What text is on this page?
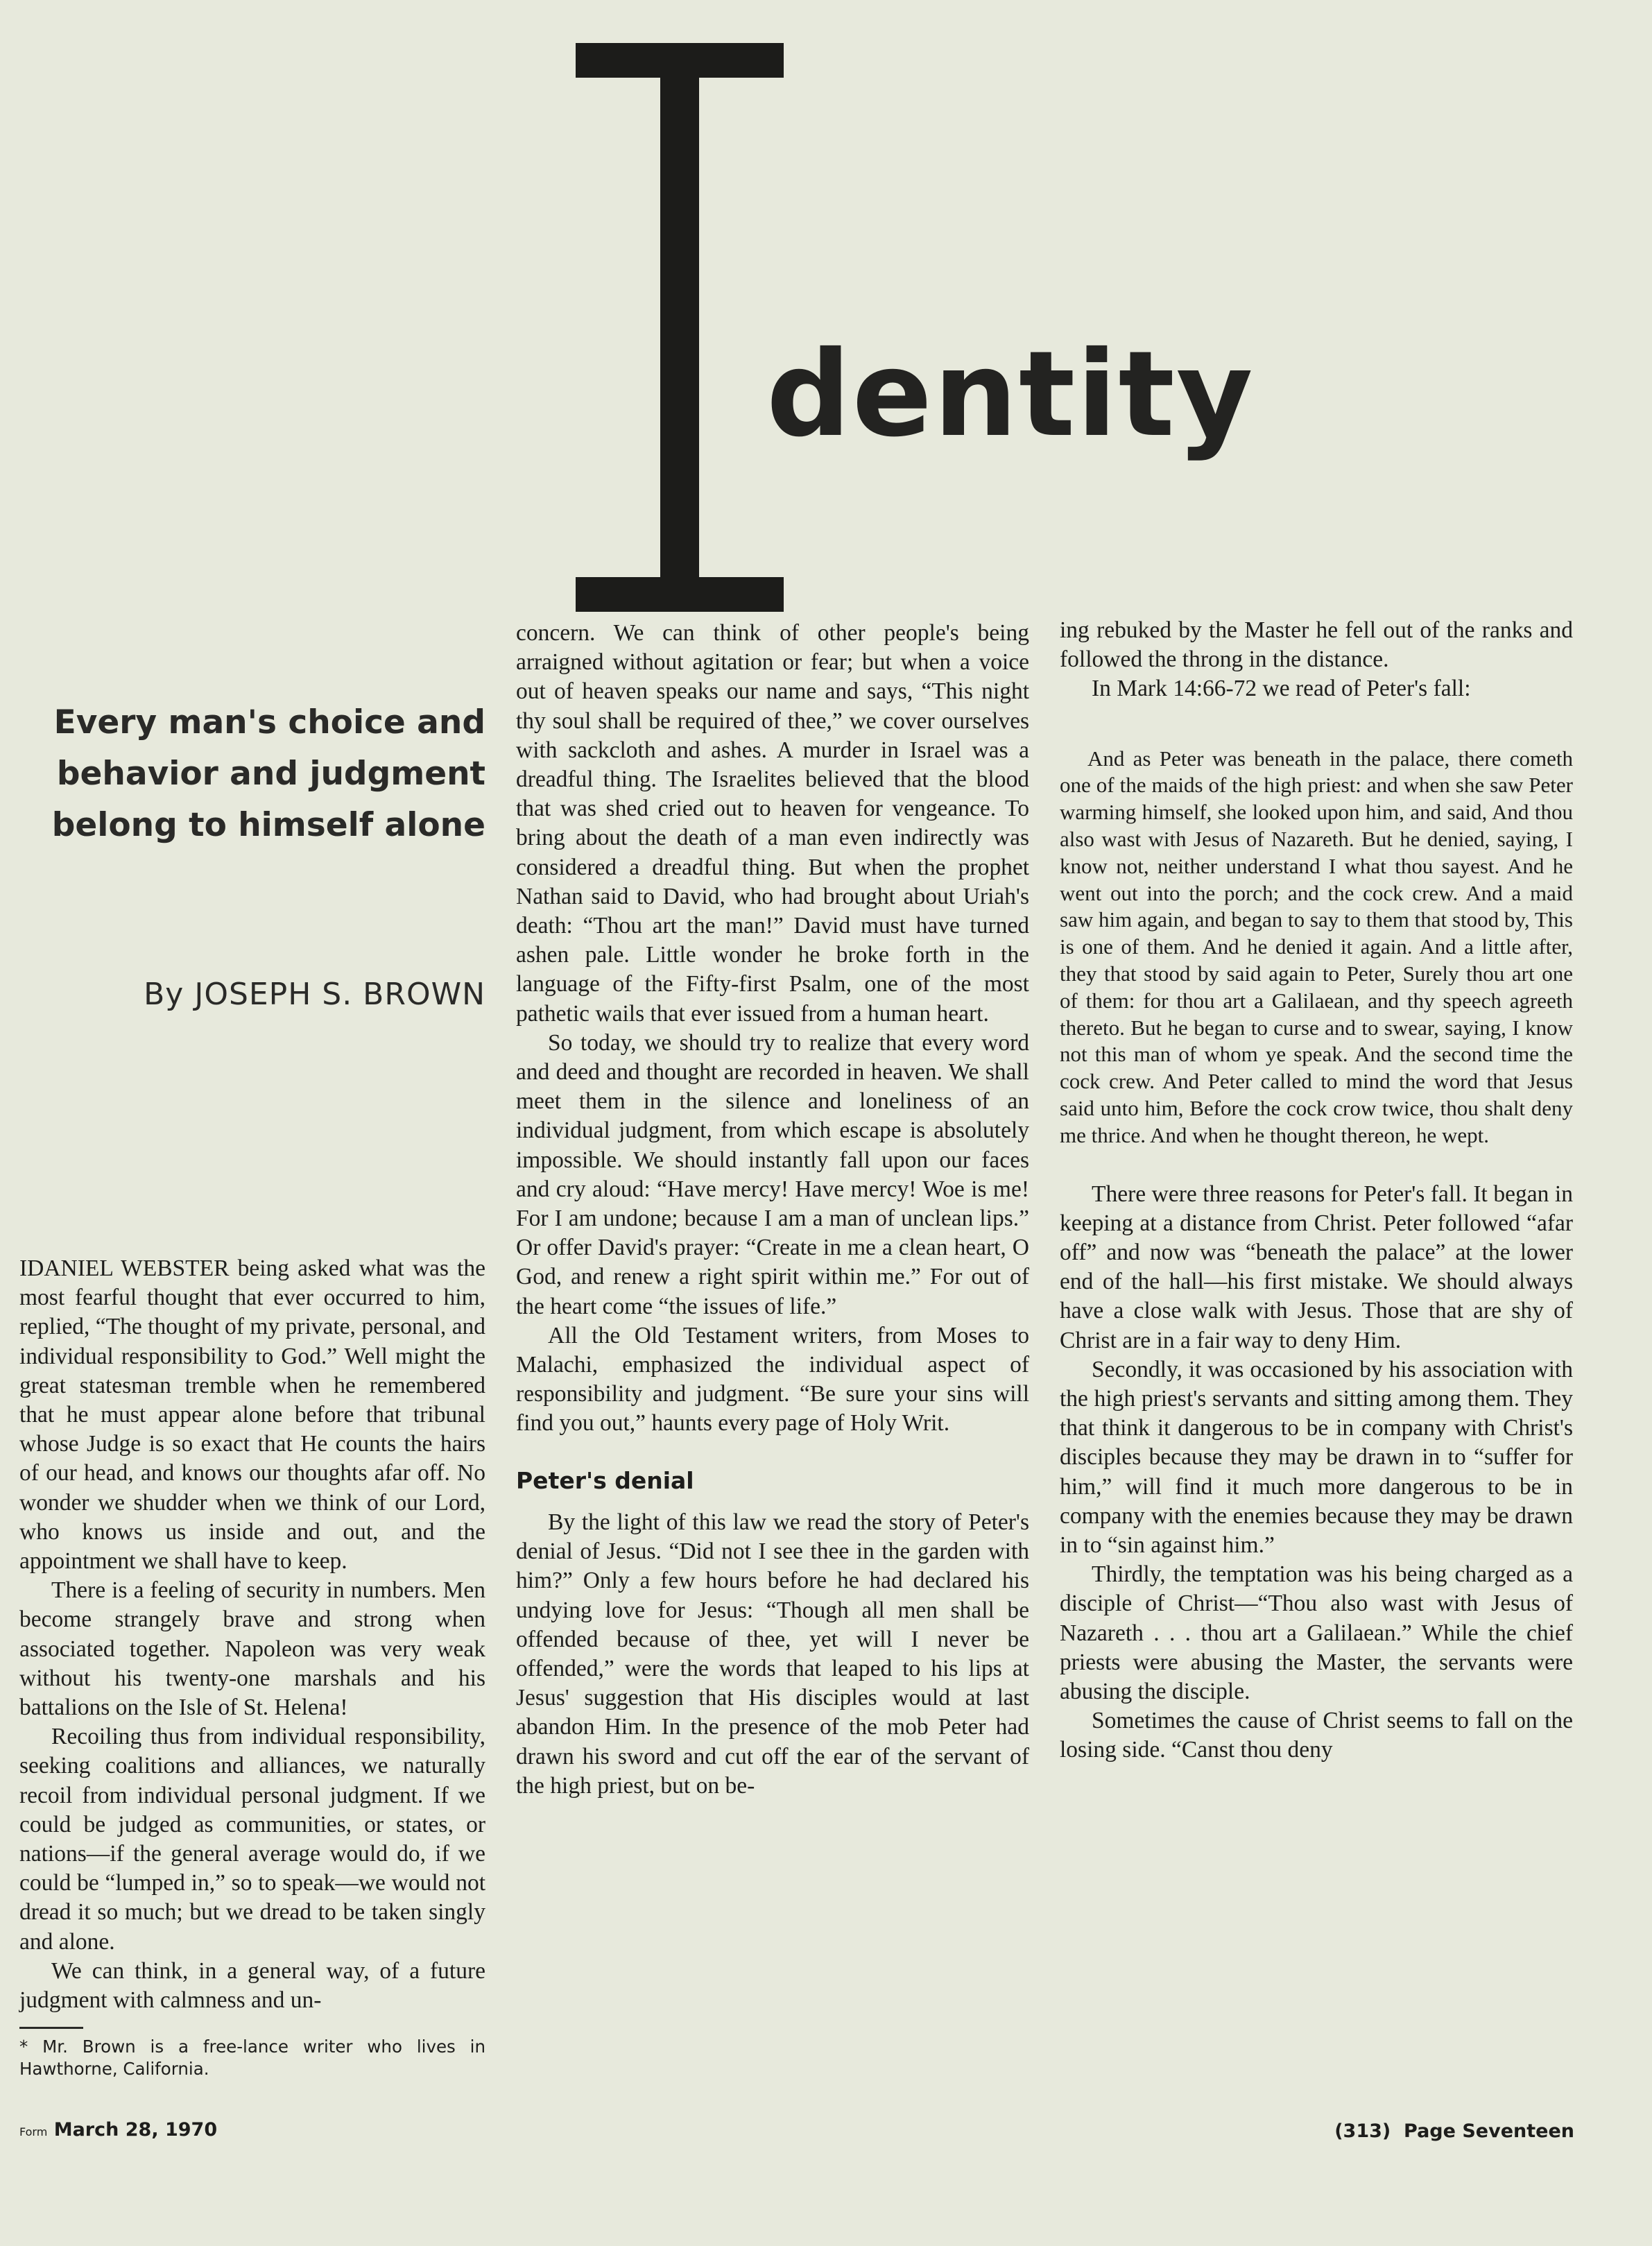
dentity
Every man's choice and
behavior and judgment
belong to himself alone
By JOSEPH S. BROWN

IDANIEL WEBSTER being asked what was the most fearful thought that ever occurred to him, replied, “The thought of my private, personal, and individual responsibility to God.” Well might the great statesman tremble when he remembered that he must appear alone before that tribunal whose Judge is so exact that He counts the hairs of our head, and knows our thoughts afar off. No wonder we shudder when we think of our Lord, who knows us inside and out, and the appointment we shall have to keep.

There is a feeling of security in numbers. Men become strangely brave and strong when associated together. Napoleon was very weak without his twenty-one marshals and his battalions on the Isle of St. Helena!

Recoiling thus from individual responsibility, seeking coalitions and alliances, we naturally recoil from individual personal judgment. If we could be judged as communities, or states, or nations—if the general average would do, if we could be “lumped in,” so to speak—we would not dread it so much; but we dread to be taken singly and alone.

We can think, in a general way, of a future judgment with calmness and un-

* Mr. Brown is a free-lance writer who lives in Hawthorne, California.

concern. We can think of other people's being arraigned without agitation or fear; but when a voice out of heaven speaks our name and says, “This night thy soul shall be required of thee,” we cover ourselves with sackcloth and ashes. A murder in Israel was a dreadful thing. The Israelites believed that the blood that was shed cried out to heaven for vengeance. To bring about the death of a man even indirectly was considered a dreadful thing. But when the prophet Nathan said to David, who had brought about Uriah's death: “Thou art the man!” David must have turned ashen pale. Little wonder he broke forth in the language of the Fifty-first Psalm, one of the most pathetic wails that ever issued from a human heart.

So today, we should try to realize that every word and deed and thought are recorded in heaven. We shall meet them in the silence and loneliness of an individual judgment, from which escape is absolutely impossible. We should instantly fall upon our faces and cry aloud: “Have mercy! Have mercy! Woe is me! For I am undone; because I am a man of unclean lips.” Or offer David's prayer: “Create in me a clean heart, O God, and renew a right spirit within me.” For out of the heart come “the issues of life.”

All the Old Testament writers, from Moses to Malachi, emphasized the individual aspect of responsibility and judgment. “Be sure your sins will find you out,” haunts every page of Holy Writ.

Peter's denial

By the light of this law we read the story of Peter's denial of Jesus. “Did not I see thee in the garden with him?” Only a few hours before he had declared his undying love for Jesus: “Though all men shall be offended because of thee, yet will I never be offended,” were the words that leaped to his lips at Jesus' suggestion that His disciples would at last abandon Him. In the presence of the mob Peter had drawn his sword and cut off the ear of the servant of the high priest, but on be-

ing rebuked by the Master he fell out of the ranks and followed the throng in the distance.

In Mark 14:66-72 we read of Peter's fall:

And as Peter was beneath in the palace, there cometh one of the maids of the high priest: and when she saw Peter warming himself, she looked upon him, and said, And thou also wast with Jesus of Nazareth. But he denied, saying, I know not, neither understand I what thou sayest. And he went out into the porch; and the cock crew. And a maid saw him again, and began to say to them that stood by, This is one of them. And he denied it again. And a little after, they that stood by said again to Peter, Surely thou art one of them: for thou art a Galilaean, and thy speech agreeth thereto. But he began to curse and to swear, saying, I know not this man of whom ye speak. And the second time the cock crew. And Peter called to mind the word that Jesus said unto him, Before the cock crow twice, thou shalt deny me thrice. And when he thought thereon, he wept.

There were three reasons for Peter's fall. It began in keeping at a distance from Christ. Peter followed “afar off” and now was “beneath the palace” at the lower end of the hall—his first mistake. We should always have a close walk with Jesus. Those that are shy of Christ are in a fair way to deny Him.

Secondly, it was occasioned by his association with the high priest's servants and sitting among them. They that think it dangerous to be in company with Christ's disciples because they may be drawn in to “suffer for him,” will find it much more dangerous to be in company with the enemies because they may be drawn in to “sin against him.”

Thirdly, the temptation was his being charged as a disciple of Christ—“Thou also wast with Jesus of Nazareth . . . thou art a Galilaean.” While the chief priests were abusing the Master, the servants were abusing the disciple.

Sometimes the cause of Christ seems to fall on the losing side. “Canst thou deny

Form March 28, 1970	(313)  Page Seventeen
